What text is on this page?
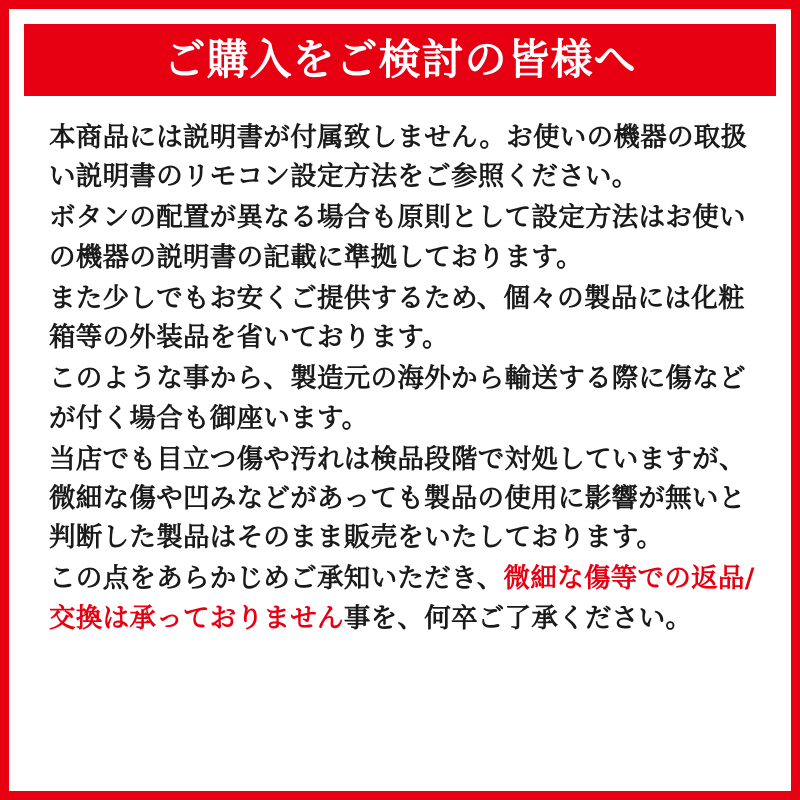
ご購入をご検討の皆様へ

本商品には説明書が付属致しません。お使いの機器の取扱い説明書のリモコン設定方法をご参照ください。

ボタンの配置が異なる場合も原則として設定方法はお使いの機器の説明書の記載に準拠しております。

また少しでもお安くご提供するため、個々の製品には化粧箱等の外装品を省いております。

このような事から、製造元の海外から輸送する際に傷などが付く場合も御座います。

当店でも目立つ傷や汚れは検品段階で対処していますが、微細な傷や凹みなどがあっても製品の使用に影響が無いと判断した製品はそのまま販売をいたしております。

この点をあらかじめご承知いただき、微細な傷等での返品/交換は承っておりません事を、何卒ご了承ください。
